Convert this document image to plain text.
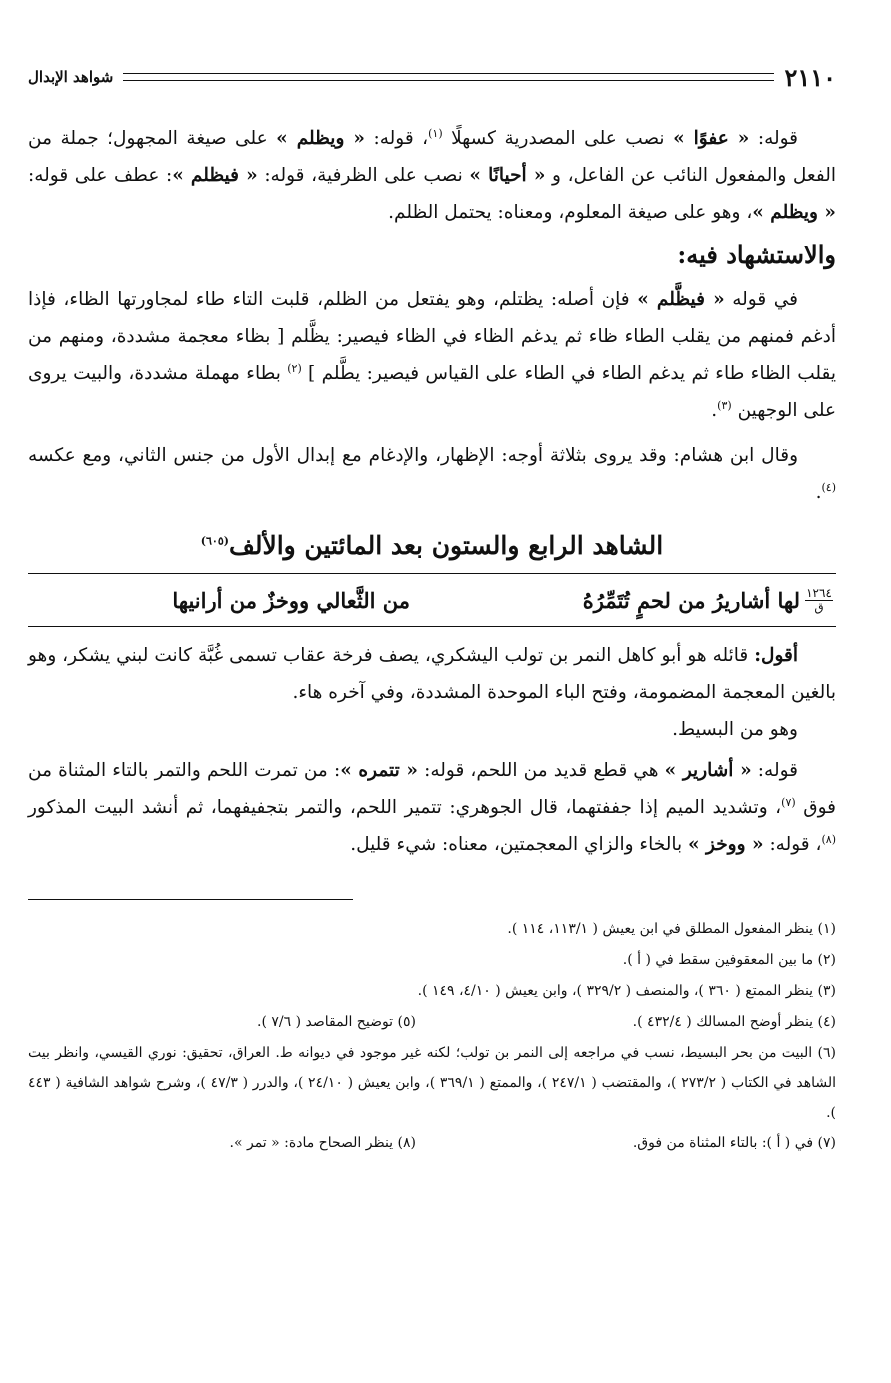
٢١١٠
شواهد الإبدال

قوله: « عفوًا » نصب على المصدرية كسهلًا $^{(١)}$، قوله: « ويظلم » على صيغة المجهول؛ جملة من الفعل والمفعول النائب عن الفاعل، و « أحيانًا » نصب على الظرفية، قوله: « فيظلم »: عطف على قوله: « ويظلم »، وهو على صيغة المعلوم، ومعناه: يحتمل الظلم.

والاستشهاد فيه:

في قوله « فيظَّلم » فإن أصله: يظتلم، وهو يفتعل من الظلم، قلبت التاء طاء لمجاورتها الظاء، فإذا أدغم فمنهم من يقلب الطاء ظاء ثم يدغم الظاء في الظاء فيصير: يظَّلم [ بظاء معجمة مشددة، ومنهم من يقلب الظاء طاء ثم يدغم الطاء في الطاء على القياس فيصير: يطَّلم ] $^{(٢)}$ بطاء مهملة مشددة، والبيت يروى على الوجهين $^{(٣)}$.

وقال ابن هشام: وقد يروى بثلاثة أوجه: الإظهار، والإدغام مع إبدال الأول من جنس الثاني، ومع عكسه $^{(٤)}$.

الشاهد الرابع والستون بعد المائتين والألف$^{(٦٠٥)}$
١٢٦٤
ق
لها أشاريرُ من لحمٍ تُتَمِّرُهُ
من الثَّعالي ووخزٌ من أرانيها

أقول: قائله هو أبو كاهل النمر بن تولب اليشكري، يصف فرخة عقاب تسمى غُبَّة كانت لبني يشكر، وهو بالغين المعجمة المضمومة، وفتح الباء الموحدة المشددة، وفي آخره هاء.

وهو من البسيط.

قوله: « أشارير » هي قطع قديد من اللحم، قوله: « تتمره »: من تمرت اللحم والتمر بالتاء المثناة من فوق $^{(٧)}$، وتشديد الميم إذا جففتهما، قال الجوهري: تتمير اللحم، والتمر بتجفيفهما، ثم أنشد البيت المذكور $^{(٨)}$، قوله: « ووخز » بالخاء والزاي المعجمتين، معناه: شيء قليل.

(١) ينظر المفعول المطلق في ابن يعيش ( ١١٣/١، ١١٤ ).
(٢) ما بين المعقوفين سقط في ( أ ).
(٣) ينظر الممتع ( ٣٦٠ )، والمنصف ( ٣٢٩/٢ )، وابن يعيش ( ٤/١٠، ١٤٩ ).
(٤) ينظر أوضح المسالك ( ٤٣٢/٤ ).
(٥) توضيح المقاصد ( ٧/٦ ).
(٦) البيت من بحر البسيط، نسب في مراجعه إلى النمر بن تولب؛ لكنه غير موجود في ديوانه ط. العراق، تحقيق: نوري القيسي، وانظر بيت الشاهد في الكتاب ( ٢٧٣/٢ )، والمقتضب ( ٢٤٧/١ )، والممتع ( ٣٦٩/١ )، وابن يعيش ( ٢٤/١٠ )، والدرر ( ٤٧/٣ )، وشرح شواهد الشافية ( ٤٤٣ ).
(٧) في ( أ ): بالتاء المثناة من فوق.
(٨) ينظر الصحاح مادة: « تمر ».
